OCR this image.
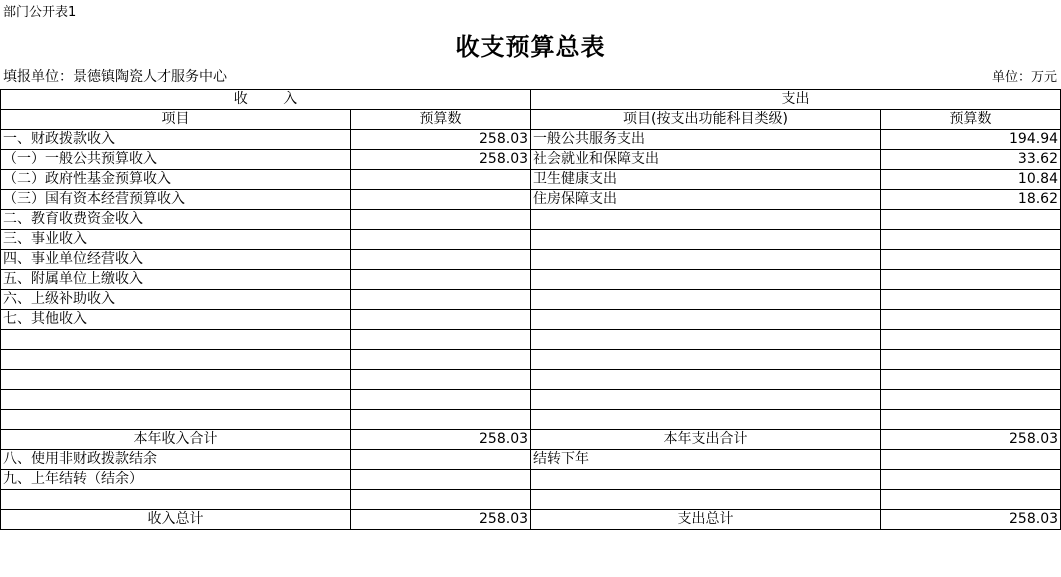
部门公开表1
收支预算总表
填报单位：景德镇陶瓷人才服务中心	单位：万元
收        入		支出	
项目	预算数	项目(按支出功能科目类级)	预算数
一、财政拨款收入	258.03	一般公共服务支出	194.94
（一）一般公共预算收入	258.03	社会就业和保障支出	33.62
（二）政府性基金预算收入		卫生健康支出	10.84
（三）国有资本经营预算收入		住房保障支出	18.62
二、教育收费资金收入			
三、事业收入			
四、事业单位经营收入			
五、附属单位上缴收入			
六、上级补助收入			
七、其他收入			

本年收入合计	258.03	本年支出合计	258.03
八、使用非财政拨款结余		结转下年	
九、上年结转（结余）			

收入总计	258.03	支出总计	258.03
